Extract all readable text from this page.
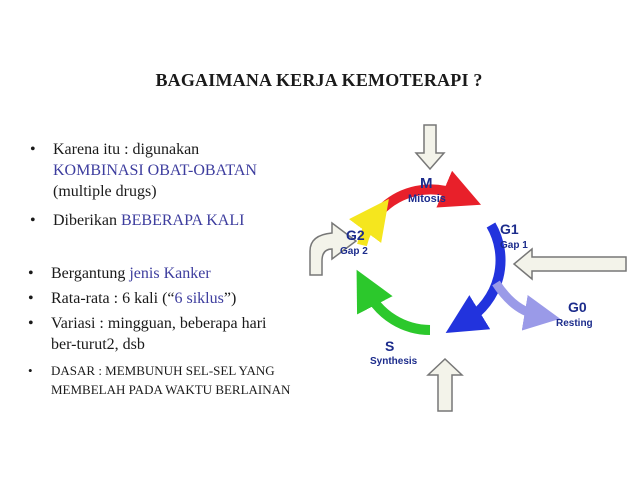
BAGAIMANA KERJA KEMOTERAPI ?
• Karena itu : digunakan
KOMBINASI OBAT-OBATAN
(multiple drugs)
• Diberikan BEBERAPA KALI
• Bergantung jenis Kanker
• Rata-rata : 6 kali (“6 siklus”)
• Variasi : mingguan, beberapa hari
ber-turut2, dsb
• DASAR : MEMBUNUH SEL-SEL YANG
MEMBELAH PADA WAKTU BERLAINAN
M
Mitosis
G1
Gap 1
G2
Gap 2
S
Synthesis
G0
Resting
